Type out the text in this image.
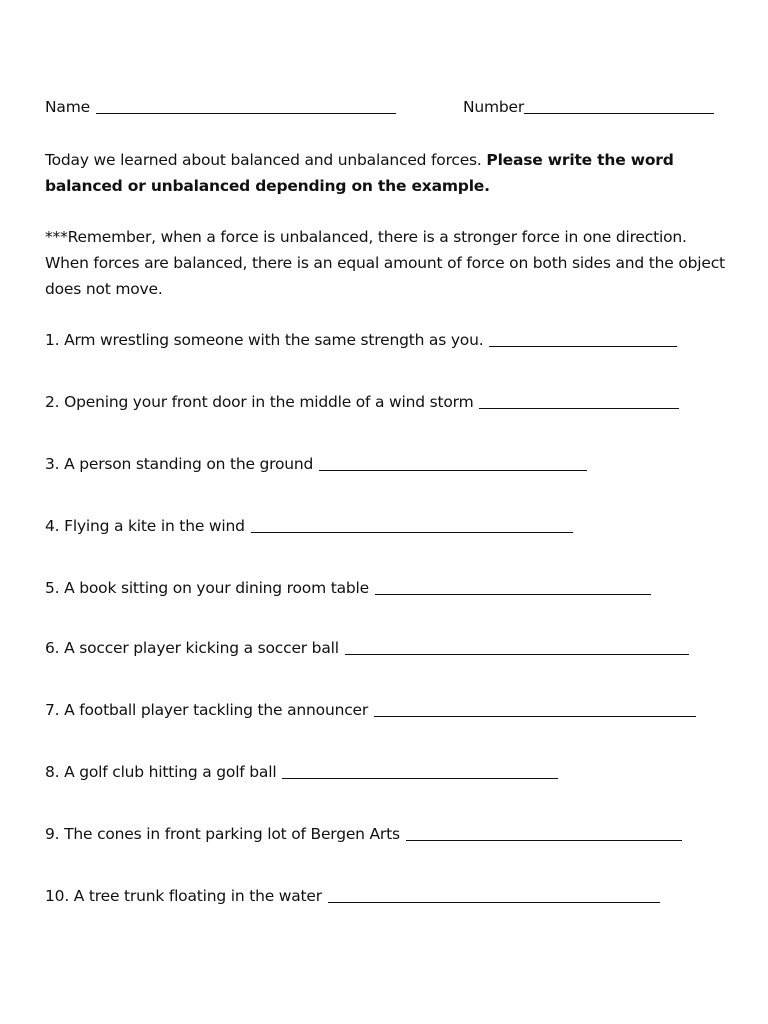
Name	Number
Today we learned about balanced and unbalanced forces. Please write the word balanced or unbalanced depending on the example.
***Remember, when a force is unbalanced, there is a stronger force in one direction. When forces are balanced, there is an equal amount of force on both sides and the object does not move.
1. Arm wrestling someone with the same strength as you.
2. Opening your front door in the middle of a wind storm
3. A person standing on the ground
4. Flying a kite in the wind
5. A book sitting on your dining room table
6. A soccer player kicking a soccer ball
7. A football player tackling the announcer
8. A golf club hitting a golf ball
9. The cones in front parking lot of Bergen Arts
10. A tree trunk floating in the water
